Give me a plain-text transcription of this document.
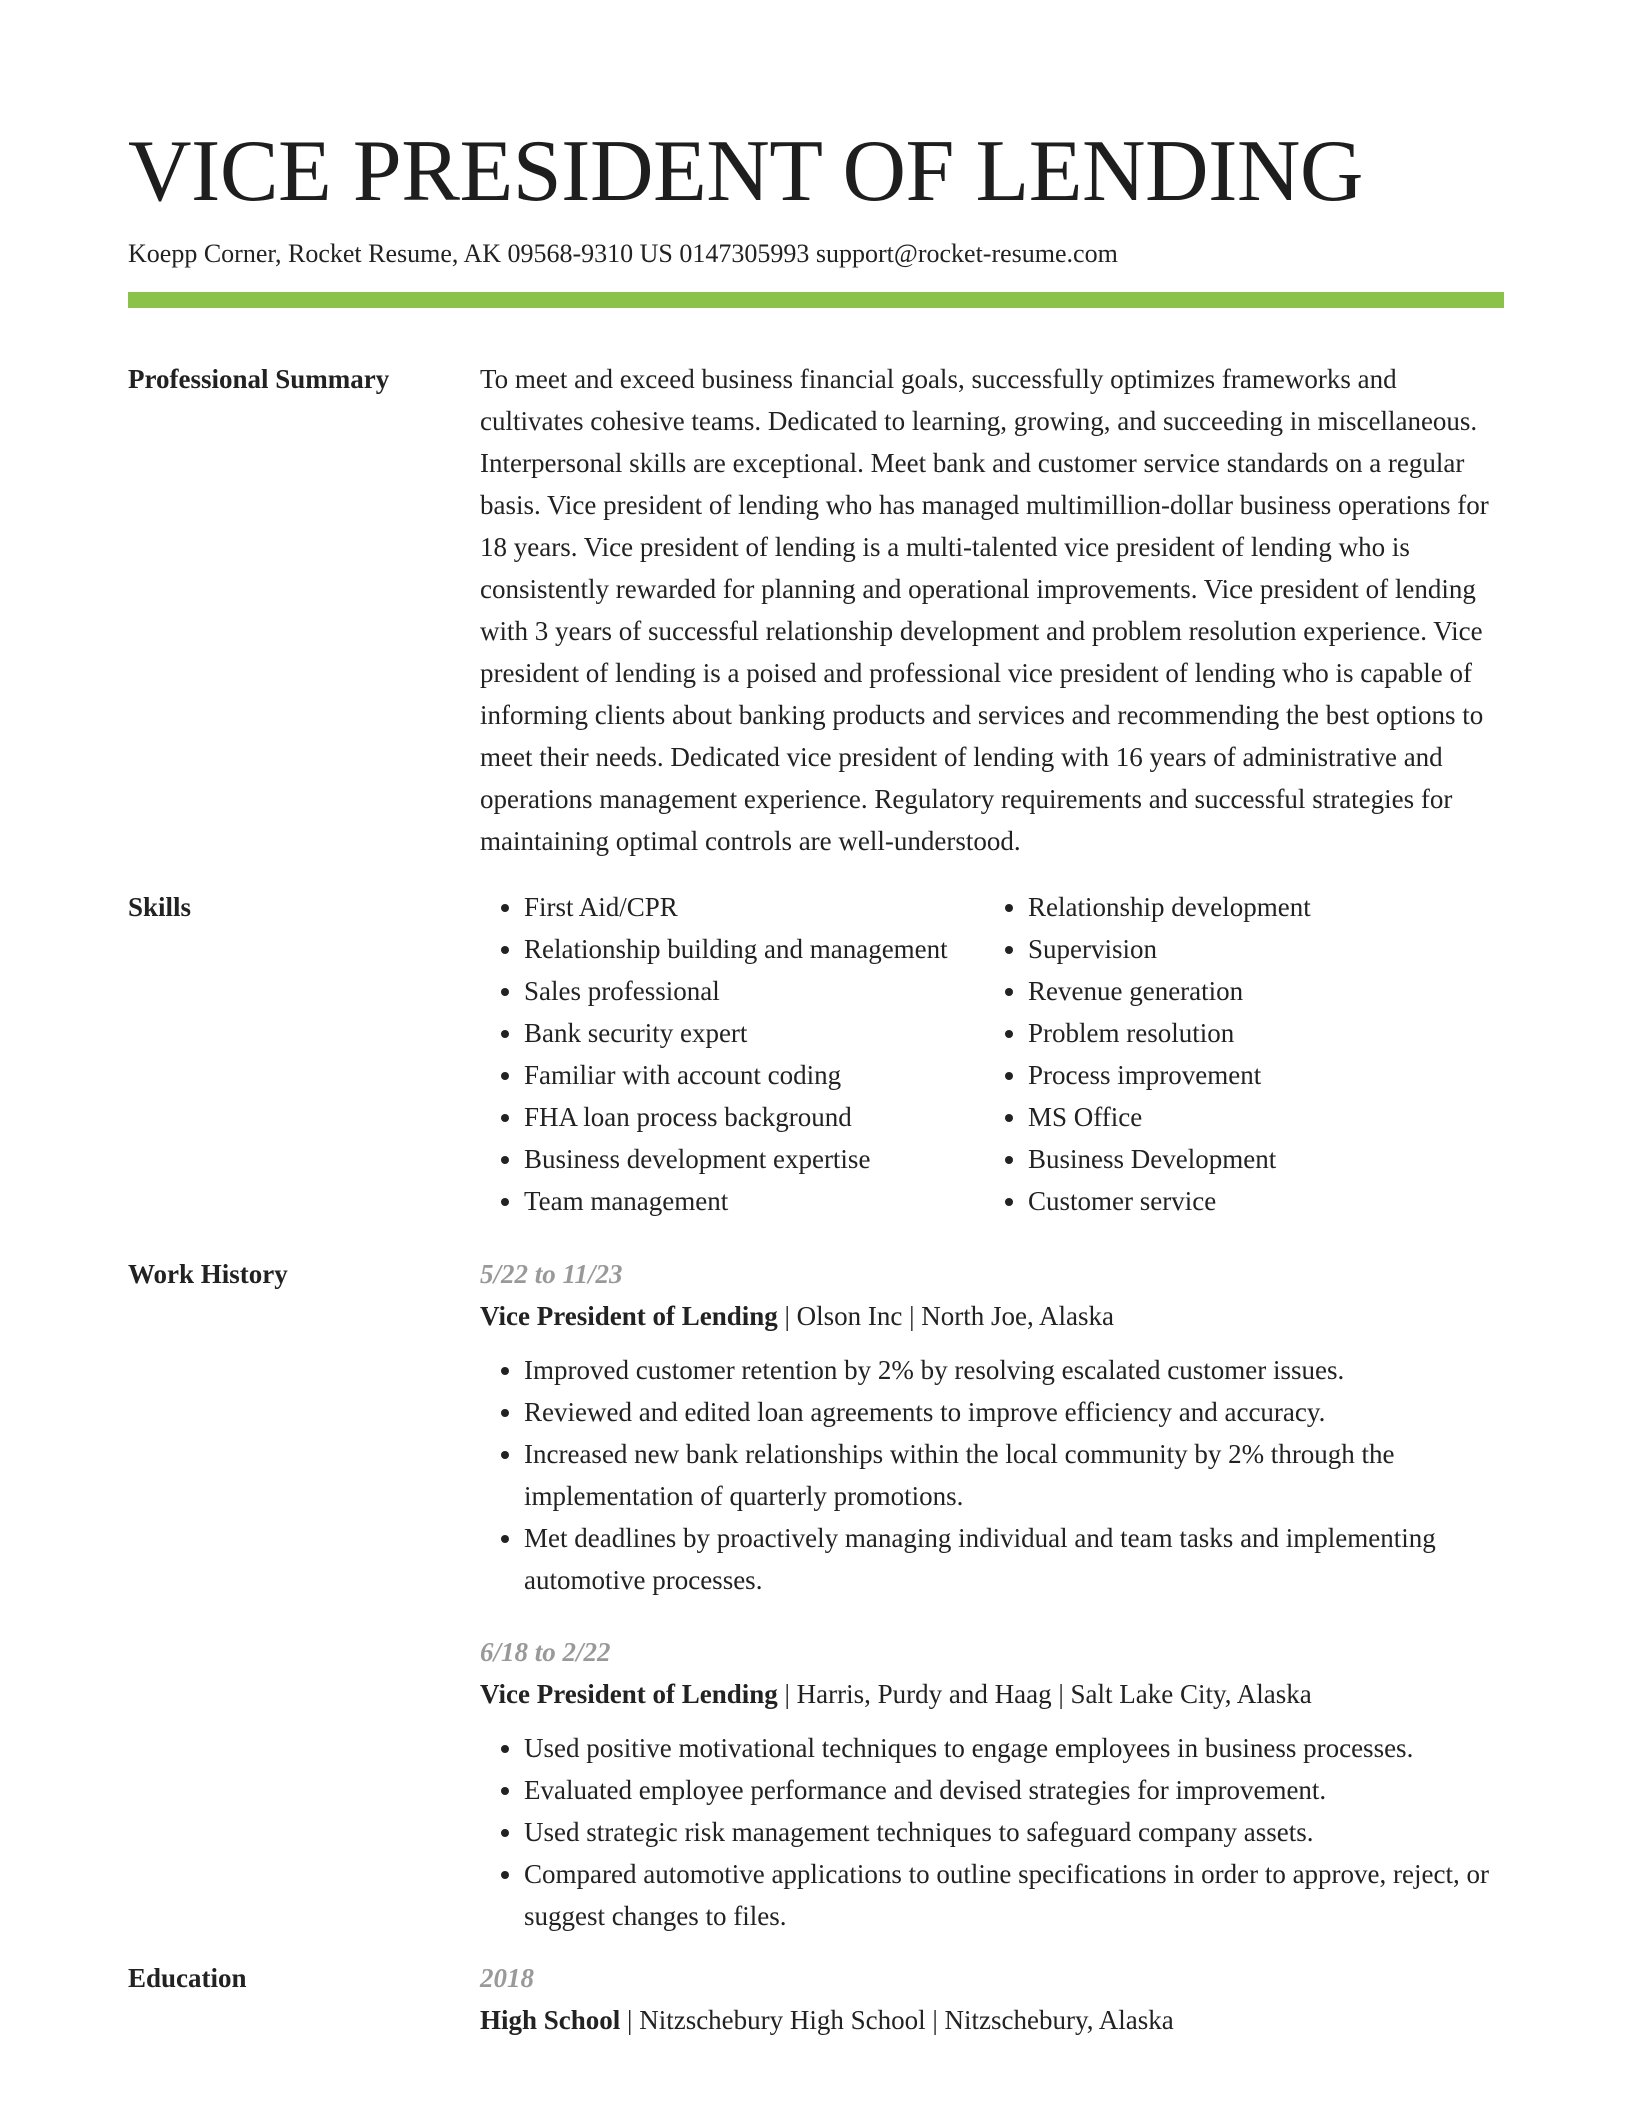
VICE PRESIDENT OF LENDING
Koepp Corner, Rocket Resume, AK 09568-9310 US 0147305993 support@rocket-resume.com
Professional Summary	To meet and exceed business financial goals, successfully optimizes frameworks and cultivates cohesive teams. Dedicated to learning, growing, and succeeding in miscellaneous. Interpersonal skills are exceptional. Meet bank and customer service standards on a regular basis. Vice president of lending who has managed multimillion-dollar business operations for 18 years. Vice president of lending is a multi-talented vice president of lending who is consistently rewarded for planning and operational improvements. Vice president of lending with 3 years of successful relationship development and problem resolution experience. Vice president of lending is a poised and professional vice president of lending who is capable of informing clients about banking products and services and recommending the best options to meet their needs. Dedicated vice president of lending with 16 years of administrative and operations management experience. Regulatory requirements and successful strategies for maintaining optimal controls are well-understood.

Skills
•	First Aid/CPR
• Relationship building and management
• Sales professional
• Bank security expert
• Familiar with account coding
• FHA loan process background
• Business development expertise
• Team management
• Relationship development
• Supervision
• Revenue generation
• Problem resolution
• Process improvement
• MS Office
• Business Development
• Customer service
Work History	5/22 to 11/23
Vice President of Lending | Olson Inc | North Joe, Alaska
• Improved customer retention by 2% by resolving escalated customer issues.
• Reviewed and edited loan agreements to improve efficiency and accuracy.
• Increased new bank relationships within the local community by 2% through the implementation of quarterly promotions.
• Met deadlines by proactively managing individual and team tasks and implementing automotive processes.
6/18 to 2/22
Vice President of Lending | Harris, Purdy and Haag | Salt Lake City, Alaska
• Used positive motivational techniques to engage employees in business processes.
• Evaluated employee performance and devised strategies for improvement.
• Used strategic risk management techniques to safeguard company assets.
• Compared automotive applications to outline specifications in order to approve, reject, or suggest changes to files.
Education	2018
High School | Nitzschebury High School | Nitzschebury, Alaska
